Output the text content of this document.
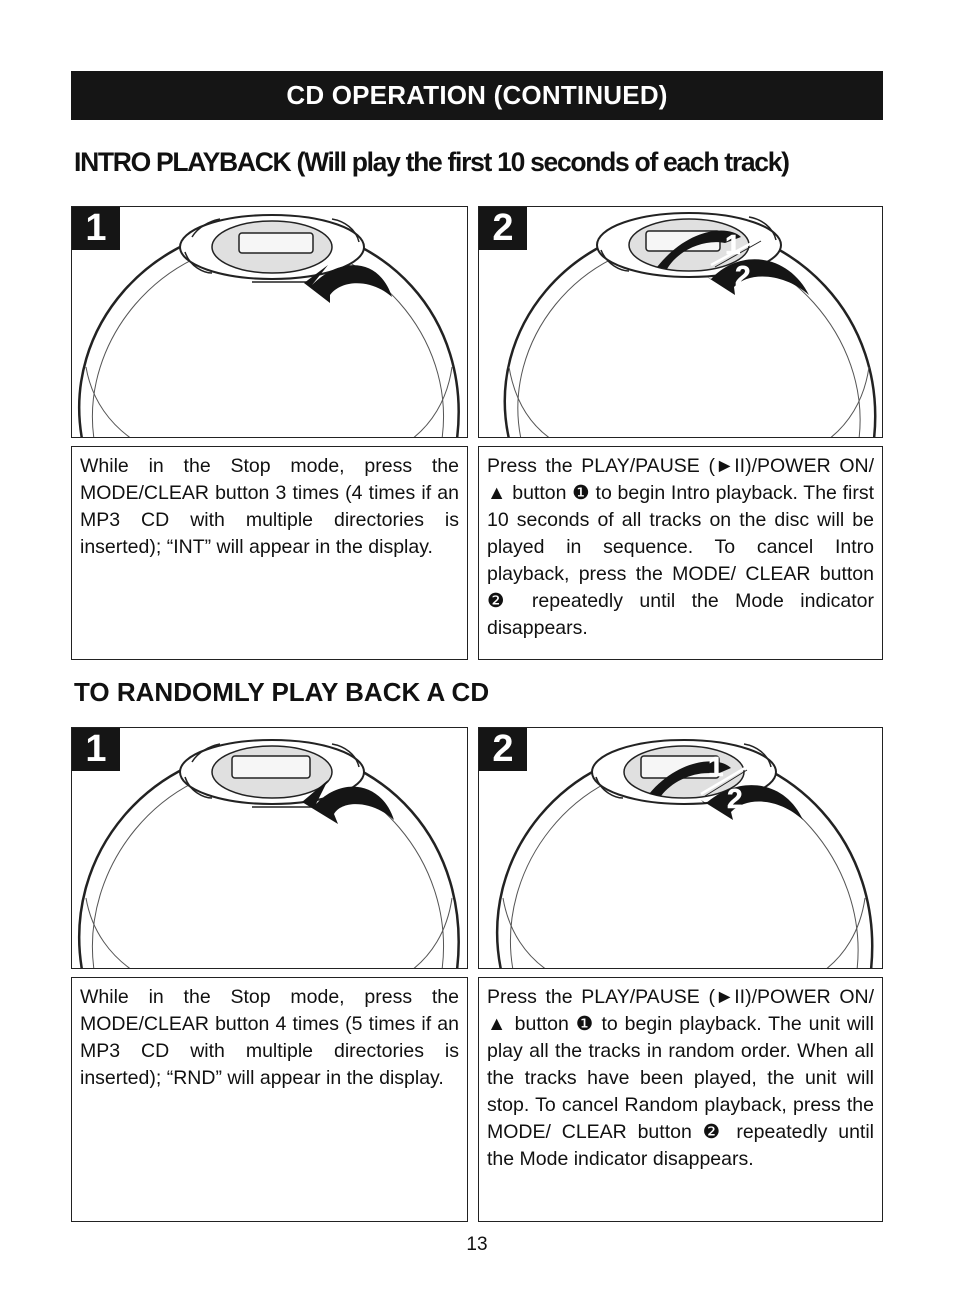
CD OPERATION (CONTINUED)
INTRO PLAYBACK (Will play the first 10 seconds of each track)
1	2	1
2

While in the Stop mode, press the MODE/CLEAR button 3 times (4 times if an MP3 CD with multiple directories is inserted); “INT” will appear in the display.

Press the PLAY/PAUSE (►II)/POWER ON/▲ button ❶ to begin Intro playback. The first 10 seconds of all tracks on the disc will be played in sequence. To cancel Intro playback, press the MODE/ CLEAR button ❷ repeatedly until the Mode indicator disappears.

TO RANDOMLY PLAY BACK A CD
1	2	1
2

While in the Stop mode, press the MODE/CLEAR button 4 times (5 times if an MP3 CD with multiple directories is inserted); “RND” will appear in the display.

Press the PLAY/PAUSE (►II)/POWER ON/▲ button ❶ to begin playback. The unit will play all the tracks in random order. When all the tracks have been played, the unit will stop. To cancel Random playback, press the MODE/ CLEAR button ❷ repeatedly until the Mode indicator disappears.

13
